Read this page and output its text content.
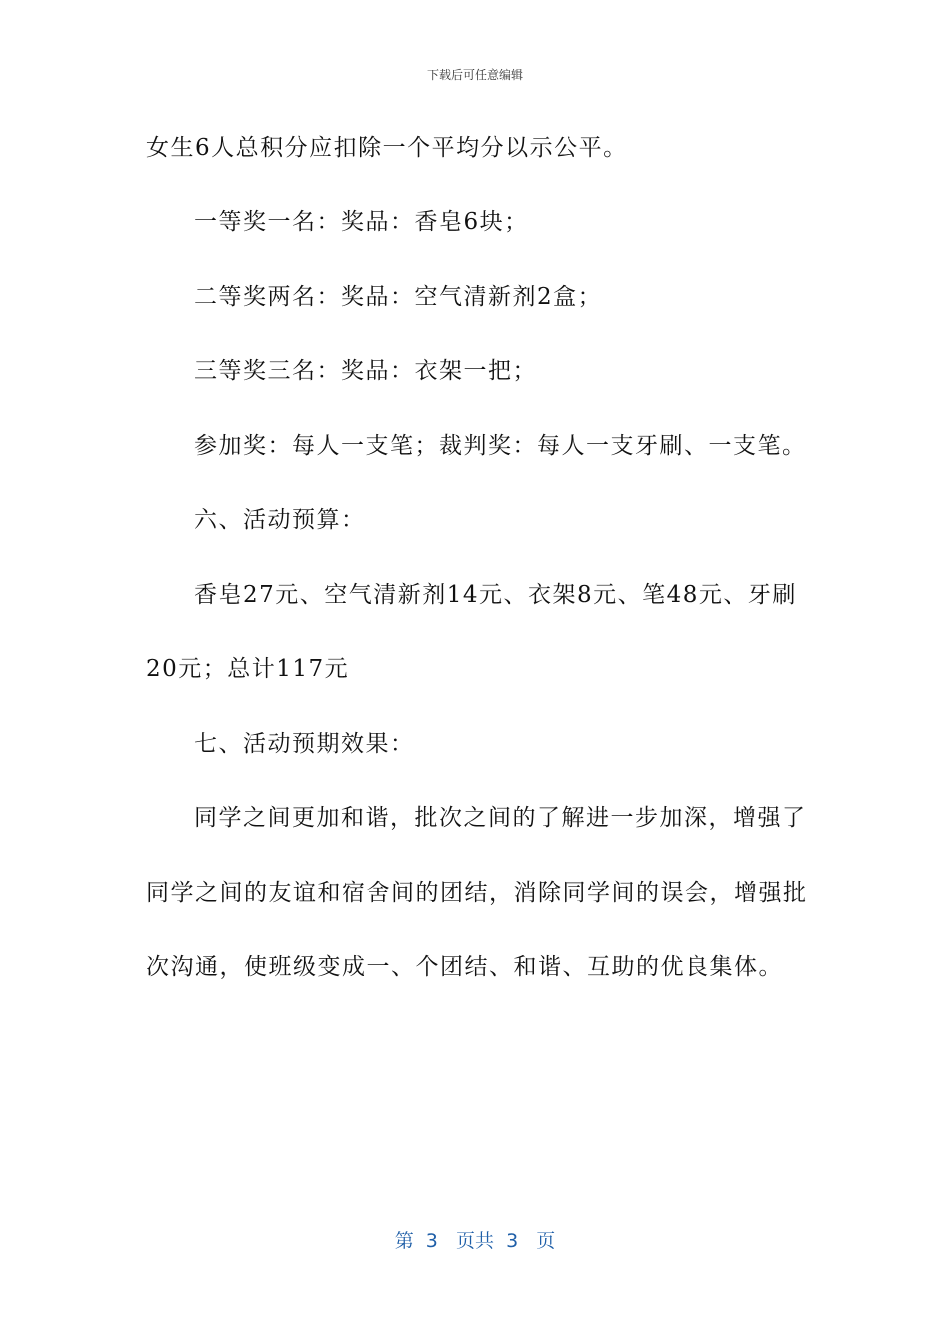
下载后可任意编辑
女生6人总积分应扣除一个平均分以示公平。
一等奖一名：奖品：香皂6块；
二等奖两名：奖品：空气清新剂2盒；
三等奖三名：奖品：衣架一把；
参加奖：每人一支笔；裁判奖：每人一支牙刷、一支笔。
六、活动预算：
香皂27元、空气清新剂14元、衣架8元、笔48元、牙刷
20元；总计117元
七、活动预期效果：
同学之间更加和谐，批次之间的了解进一步加深，增强了
同学之间的友谊和宿舍间的团结，消除同学间的误会，增强批
次沟通，使班级变成一、个团结、和谐、互助的优良集体。
第  3   页共  3   页
